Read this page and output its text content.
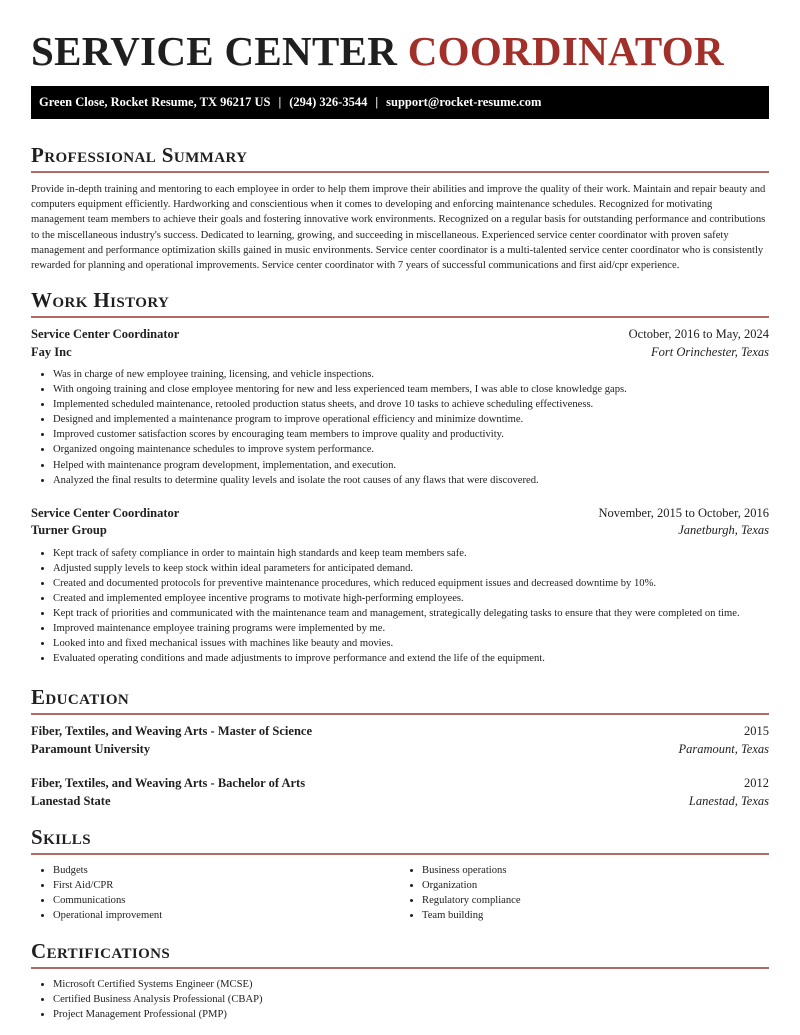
SERVICE CENTER COORDINATOR
Green Close, Rocket Resume, TX 96217 US | (294) 326-3544 | support@rocket-resume.com
Professional Summary

Provide in-depth training and mentoring to each employee in order to help them improve their abilities and improve the quality of their work. Maintain and repair beauty and computers equipment efficiently. Hardworking and conscientious when it comes to developing and enforcing maintenance schedules. Recognized for motivating management team members to achieve their goals and fostering innovative work environments. Recognized on a regular basis for outstanding performance and contributions to the miscellaneous industry's success. Dedicated to learning, growing, and succeeding in miscellaneous. Experienced service center coordinator with proven safety management and performance optimization skills gained in music environments. Service center coordinator is a multi-talented service center coordinator who is consistently rewarded for planning and operational improvements. Service center coordinator with 7 years of successful communications and first aid/cpr experience.

Work History
Service Center Coordinator	October, 2016 to May, 2024
Fay Inc	Fort Orinchester, Texas
• Was in charge of new employee training, licensing, and vehicle inspections.
• With ongoing training and close employee mentoring for new and less experienced team members, I was able to close knowledge gaps.
• Implemented scheduled maintenance, retooled production status sheets, and drove 10 tasks to achieve scheduling effectiveness.
• Designed and implemented a maintenance program to improve operational efficiency and minimize downtime.
• Improved customer satisfaction scores by encouraging team members to improve quality and productivity.
• Organized ongoing maintenance schedules to improve system performance.
• Helped with maintenance program development, implementation, and execution.
• Analyzed the final results to determine quality levels and isolate the root causes of any flaws that were discovered.
Service Center Coordinator	November, 2015 to October, 2016
Turner Group	Janetburgh, Texas
• Kept track of safety compliance in order to maintain high standards and keep team members safe.
• Adjusted supply levels to keep stock within ideal parameters for anticipated demand.
• Created and documented protocols for preventive maintenance procedures, which reduced equipment issues and decreased downtime by 10%.
• Created and implemented employee incentive programs to motivate high-performing employees.
• Kept track of priorities and communicated with the maintenance team and management, strategically delegating tasks to ensure that they were completed on time.
• Improved maintenance employee training programs were implemented by me.
• Looked into and fixed mechanical issues with machines like beauty and movies.
• Evaluated operating conditions and made adjustments to improve performance and extend the life of the equipment.
Education
Fiber, Textiles, and Weaving Arts - Master of Science	2015
Paramount University	Paramount, Texas
Fiber, Textiles, and Weaving Arts - Bachelor of Arts	2012
Lanestad State	Lanestad, Texas
Skills
• Budgets
• First Aid/CPR
• Communications
• Operational improvement
• Business operations
• Organization
• Regulatory compliance
• Team building
Certifications
• Microsoft Certified Systems Engineer (MCSE)
• Certified Business Analysis Professional (CBAP)
• Project Management Professional (PMP)
